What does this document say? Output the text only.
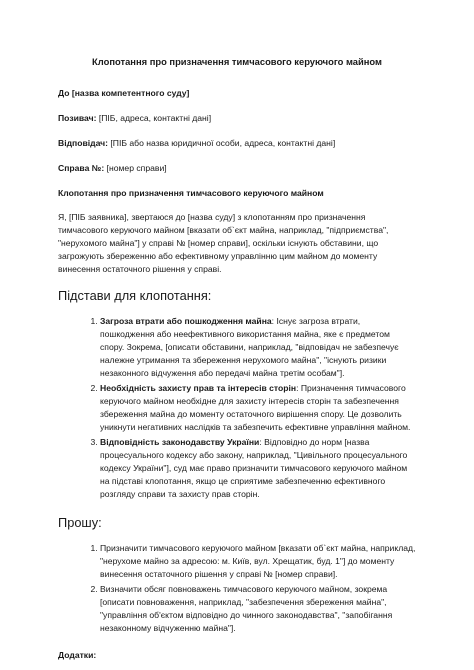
Клопотання про призначення тимчасового керуючого майном
До [назва компетентного суду]
Позивач: [ПІБ, адреса, контактні дані]
Відповідач: [ПІБ або назва юридичної особи, адреса, контактні дані]
Справа №: [номер справи]
Клопотання про призначення тимчасового керуючого майном
Я, [ПІБ заявника], звертаюся до [назва суду] з клопотанням про призначення тимчасового керуючого майном [вказати об`єкт майна, наприклад, "підприємства", "нерухомого майна"] у справі № [номер справи], оскільки існують обставини, що загрожують збереженню або ефективному управлінню цим майном до моменту винесення остаточного рішення у справі.
Підстави для клопотання:
1. Загроза втрати або пошкодження майна: Існує загроза втрати, пошкодження або неефективного використання майна, яке є предметом спору. Зокрема, [описати обставини, наприклад, "відповідач не забезпечує належне утримання та збереження нерухомого майна", "існують ризики незаконного відчуження або передачі майна третім особам"].
2. Необхідність захисту прав та інтересів сторін: Призначення тимчасового керуючого майном необхідне для захисту інтересів сторін та забезпечення збереження майна до моменту остаточного вирішення спору. Це дозволить уникнути негативних наслідків та забезпечить ефективне управління майном.
3. Відповідність законодавству України: Відповідно до норм [назва процесуального кодексу або закону, наприклад, "Цивільного процесуального кодексу України"], суд має право призначити тимчасового керуючого майном на підставі клопотання, якщо це сприятиме забезпеченню ефективного розгляду справи та захисту прав сторін.
Прошу:
1. Призначити тимчасового керуючого майном [вказати об`єкт майна, наприклад, "нерухоме майно за адресою: м. Київ, вул. Хрещатик, буд. 1"] до моменту винесення остаточного рішення у справі № [номер справи].
2. Визначити обсяг повноважень тимчасового керуючого майном, зокрема [описати повноваження, наприклад, "забезпечення збереження майна", "управління об'єктом відповідно до чинного законодавства", "запобігання незаконному відчуженню майна"].
Додатки:
